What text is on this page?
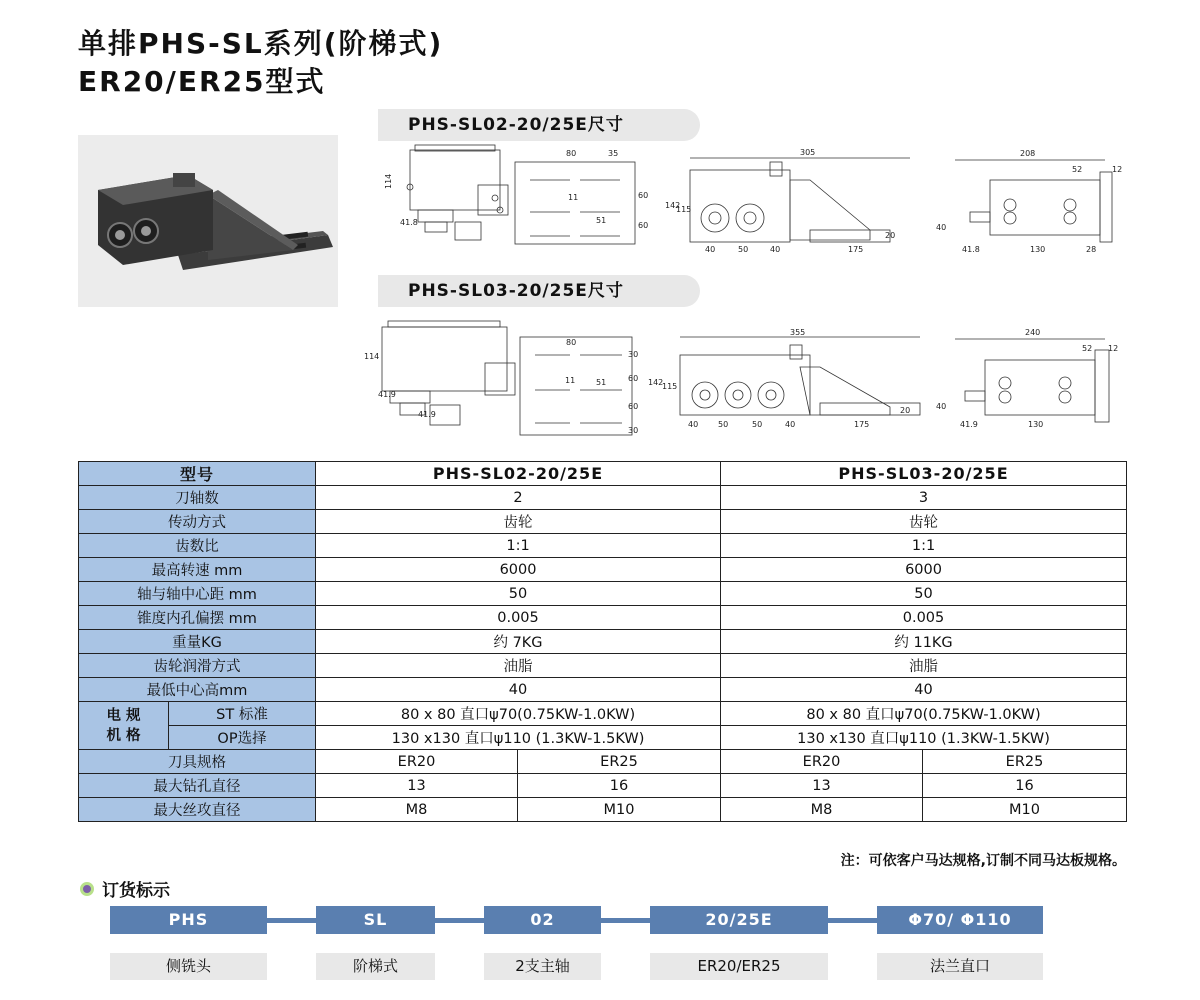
单排PHS-SL系列(阶梯式)
ER20/ER25型式
PHS-SL02-20/25E尺寸
PHS-SL03-20/25E尺寸
80	35
114
60
60
51
11
41.8
305
142
115
20
40	50	40	175
208
52	12
40
41.8	130	28
80
30
114
60
60
51
11
41.9
41.9
30
355
142
115
20
40 50	50	40	175
240
52 12
40
41.9	130
型号		PHS-SL02-20/25E		PHS-SL03-20/25E	
刀轴数		2		3	
传动方式		齿轮		齿轮	
齿数比		1:1		1:1	
最高转速 mm		6000		6000	
轴与轴中心距 mm		50		50	
锥度内孔偏摆 mm		0.005		0.005	
重量KG		约 7KG		约 11KG	
齿轮润滑方式		油脂		油脂	
最低中心高mm		40		40	
电 规
机 格	ST 标准	80 x 80 直口ψ70(0.75KW-1.0KW)		80 x 80 直口ψ70(0.75KW-1.0KW)	
	OP选择	130 x130 直口ψ110 (1.3KW-1.5KW)		130 x130 直口ψ110 (1.3KW-1.5KW)	
刀具规格		ER20	ER25	ER20	ER25
最大钻孔直径		13	16	13	16
最大丝攻直径		M8	M10	M8	M10
注：可依客户马达规格,订制不同马达板规格。
订货标示
PHS	SL	02	20/25E	Φ70/ Φ110
侧铣头	阶梯式	2支主轴	ER20/ER25	法兰直口
